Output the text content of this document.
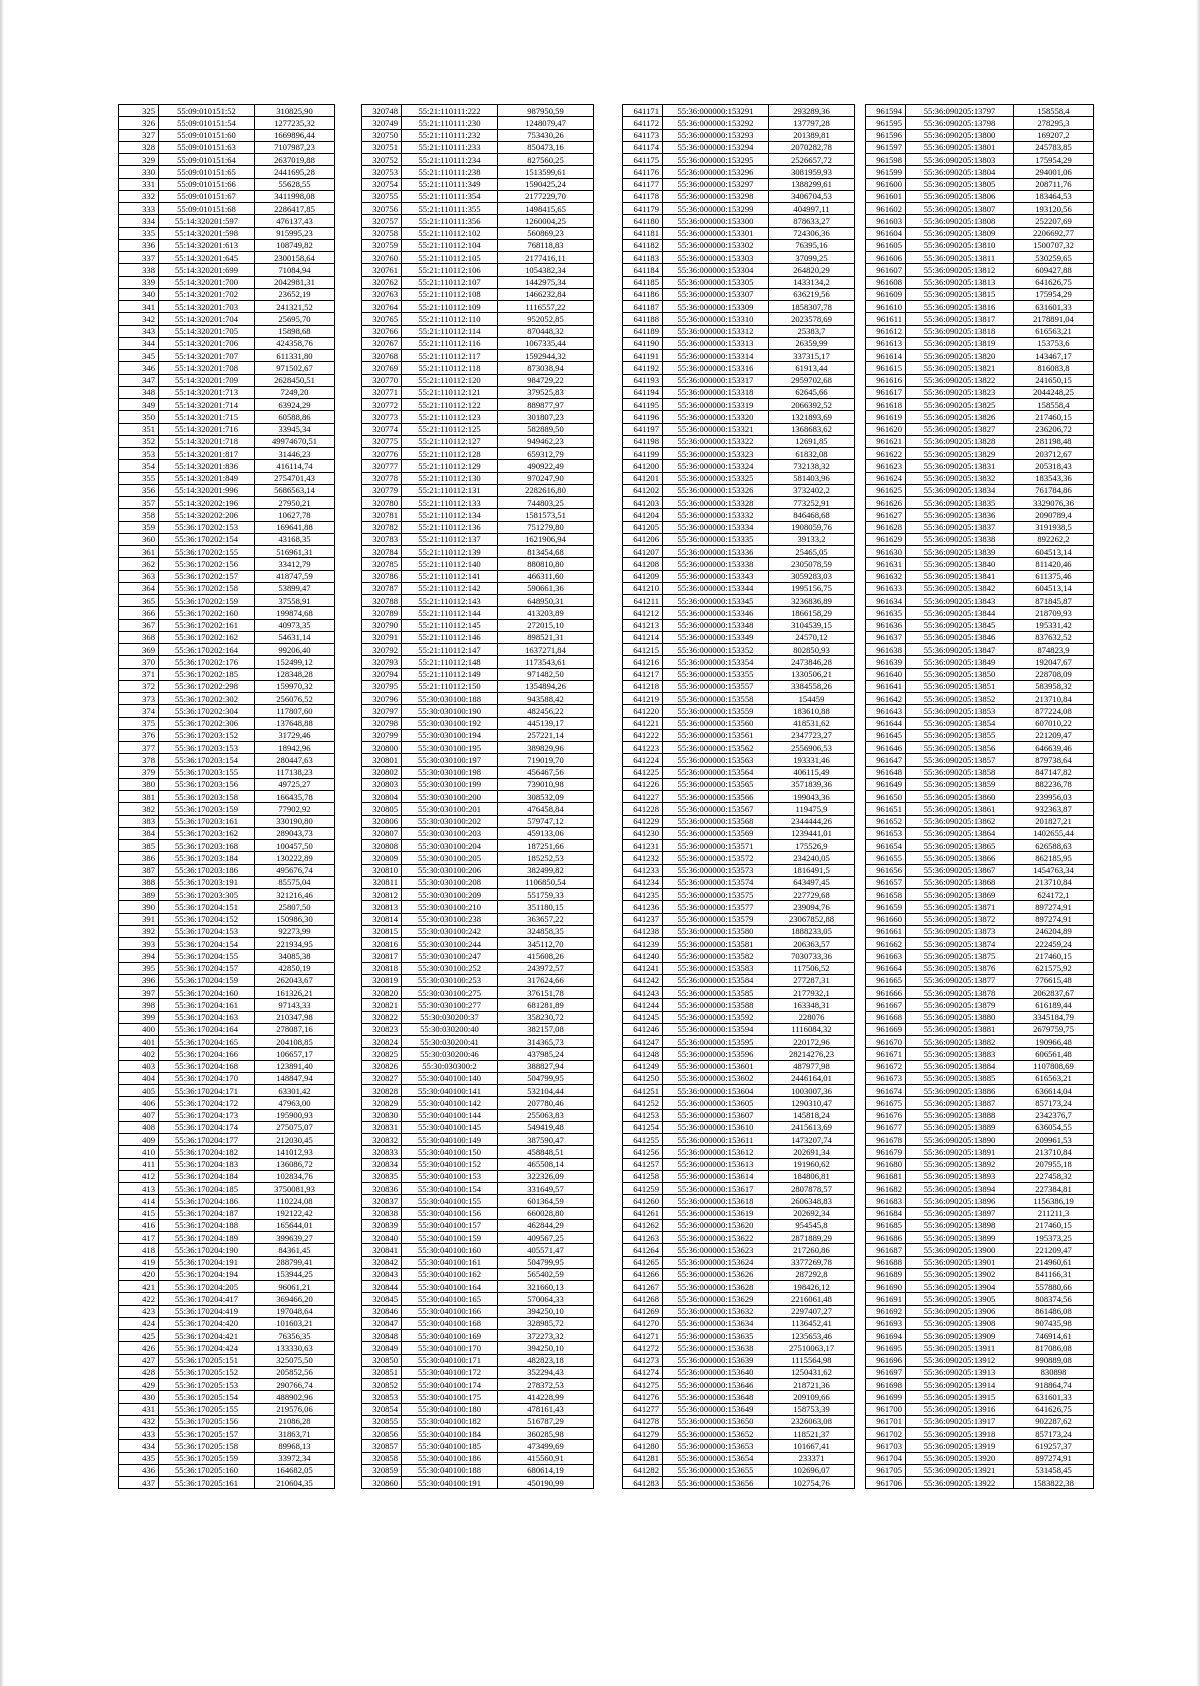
325	55:09:010151:52	310825,90
326	55:09:010151:54	1277235,32
327	55:09:010151:60	1669896,44
328	55:09:010151:63	7107987,23
329	55:09:010151:64	2637019,88
330	55:09:010151:65	2441695,28
331	55:09:010151:66	55628,55
332	55:09:010151:67	3411998,08
333	55:09:010151:68	2286417,85
334	55:14:320201:597	476137,43
335	55:14:320201:598	915995,23
336	55:14:320201:613	108749,82
337	55:14:320201:645	2300158,64
338	55:14:320201:699	71084,94
339	55:14:320201:700	2042981,31
340	55:14:320201:702	23652,19
341	55:14:320201:703	241321,52
342	55:14:320201:704	25695,70
343	55:14:320201:705	15898,68
344	55:14:320201:706	424358,76
345	55:14:320201:707	611331,80
346	55:14:320201:708	971502,67
347	55:14:320201:709	2628450,51
348	55:14:320201:713	7249,20
349	55:14:320201:714	63924,29
350	55:14:320201:715	60588,86
351	55:14:320201:716	33945,34
352	55:14:320201:718	49974670,51
353	55:14:320201:817	31446,23
354	55:14:320201:836	416114,74
355	55:14:320201:849	2754701,43
356	55:14:320201:996	5686563,14
357	55:14:320202:196	27950,21
358	55:14:320202:206	10627,78
359	55:36:170202:153	169641,88
360	55:36:170202:154	43168,35
361	55:36:170202:155	516961,31
362	55:36:170202:156	33412,79
363	55:36:170202:157	418747,59
364	55:36:170202:158	53899,47
365	55:36:170202:159	37558,91
366	55:36:170202:160	199874,68
367	55:36:170202:161	40973,35
368	55:36:170202:162	54631,14
369	55:36:170202:164	99206,40
370	55:36:170202:176	152499,12
371	55:36:170202:185	128348,28
372	55:36:170202:298	159970,32
373	55:36:170202:302	256076,52
374	55:36:170202:304	117807,60
375	55:36:170202:306	137648,88
376	55:36:170203:152	31729,46
377	55:36:170203:153	18942,96
378	55:36:170203:154	280447,63
379	55:36:170203:155	117138,23
380	55:36:170203:156	49725,27
381	55:36:170203:158	166435,78
382	55:36:170203:159	77902,92
383	55:36:170203:161	330190,80
384	55:36:170203:162	289043,73
385	55:36:170203:168	100457,50
386	55:36:170203:184	130222,89
387	55:36:170203:186	495676,74
388	55:36:170203:191	85575,04
389	55:36:170203:305	321216,46
390	55:36:170204:151	25807,50
391	55:36:170204:152	150986,30
392	55:36:170204:153	92273,99
393	55:36:170204:154	221934,95
394	55:36:170204:155	34085,38
395	55:36:170204:157	42850,19
396	55:36:170204:159	262043,67
397	55:36:170204:160	161326,21
398	55:36:170204:161	97143,33
399	55:36:170204:163	210347,98
400	55:36:170204:164	278087,16
401	55:36:170204:165	204108,85
402	55:36:170204:166	106657,17
403	55:36:170204:168	123891,40
404	55:36:170204:170	148847,94
405	55:36:170204:171	63301,42
406	55:36:170204:172	47963,00
407	55:36:170204:173	195900,93
408	55:36:170204:174	275075,07
409	55:36:170204:177	212030,45
410	55:36:170204:182	141012,93
411	55:36:170204:183	136086,72
412	55:36:170204:184	102834,76
413	55:36:170204:185	3750081,93
414	55:36:170204:186	110224,08
415	55:36:170204:187	192122,42
416	55:36:170204:188	165644,01
417	55:36:170204:189	399639,27
418	55:36:170204:190	84361,45
419	55:36:170204:191	288799,41
420	55:36:170204:194	153944,25
421	55:36:170204:205	96061,21
422	55:36:170204:417	369466,20
423	55:36:170204:419	197048,64
424	55:36:170204:420	101603,21
425	55:36:170204:421	76356,35
426	55:36:170204:424	133330,63
427	55:36:170205:151	325075,50
428	55:36:170205:152	205852,56
429	55:36:170205:153	290766,74
430	55:36:170205:154	488902,96
431	55:36:170205:155	219576,06
432	55:36:170205:156	21086,28
433	55:36:170205:157	31863,71
434	55:36:170205:158	89968,13
435	55:36:170205:159	33972,34
436	55:36:170205:160	164682,05
437	55:36:170205:161	210604,35
320748	55:21:110111:222	987950,59
320749	55:21:110111:230	1248079,47
320750	55:21:110111:232	753430,26
320751	55:21:110111:233	850473,16
320752	55:21:110111:234	827560,25
320753	55:21:110111:238	1513599,61
320754	55:21:110111:349	1590425,24
320755	55:21:110111:354	2177229,70
320756	55:21:110111:355	1498415,65
320757	55:21:110111:356	1260004,25
320758	55:21:110112:102	560869,23
320759	55:21:110112:104	768118,83
320760	55:21:110112:105	2177416,11
320761	55:21:110112:106	1054382,34
320762	55:21:110112:107	1442975,34
320763	55:21:110112:108	1466232,84
320764	55:21:110112:109	1116557,22
320765	55:21:110112:110	952052,85
320766	55:21:110112:114	870448,32
320767	55:21:110112:116	1067335,44
320768	55:21:110112:117	1592944,32
320769	55:21:110112:118	873038,94
320770	55:21:110112:120	984729,22
320771	55:21:110112:121	379525,83
320772	55:21:110112:122	889877,97
320773	55:21:110112:123	301807,23
320774	55:21:110112:125	582889,50
320775	55:21:110112:127	949462,23
320776	55:21:110112:128	659312,79
320777	55:21:110112:129	490922,49
320778	55:21:110112:130	970247,90
320779	55:21:110112:131	2282616,80
320780	55:21:110112:133	744803,25
320781	55:21:110112:134	1581573,51
320782	55:21:110112:136	751279,80
320783	55:21:110112:137	1621906,94
320784	55:21:110112:139	813454,68
320785	55:21:110112:140	880810,80
320786	55:21:110112:141	466311,60
320787	55:21:110112:142	590661,36
320788	55:21:110112:143	648950,31
320789	55:21:110112:144	413203,89
320790	55:21:110112:145	272015,10
320791	55:21:110112:146	898521,31
320792	55:21:110112:147	1637271,84
320793	55:21:110112:148	1173543,61
320794	55:21:110112:149	971482,50
320795	55:21:110112:150	1354894,26
320796	55:30:030100:188	943588,42
320797	55:30:030100:190	482456,22
320798	55:30:030100:192	445139,17
320799	55:30:030100:194	257221,14
320800	55:30:030100:195	389829,96
320801	55:30:030100:197	719019,70
320802	55:30:030100:198	456467,56
320803	55:30:030100:199	739010,98
320804	55:30:030100:200	308532,09
320805	55:30:030100:201	476458,84
320806	55:30:030100:202	579747,12
320807	55:30:030100:203	459133,06
320808	55:30:030100:204	187251,66
320809	55:30:030100:205	185252,53
320810	55:30:030100:206	382499,82
320811	55:30:030100:208	1106850,54
320812	55:30:030100:209	551759,33
320813	55:30:030100:210	351180,15
320814	55:30:030100:238	363657,22
320815	55:30:030100:242	324858,35
320816	55:30:030100:244	345112,70
320817	55:30:030100:247	415608,26
320818	55:30:030100:252	243972,57
320819	55:30:030100:253	317624,66
320820	55:30:030100:275	376151,78
320821	55:30:030100:277	681281,89
320822	55:30:030200:37	358230,72
320823	55:30:030200:40	382157,08
320824	55:30:030200:41	314365,73
320825	55:30:030200:46	437985,24
320826	55:30:030300:2	388827,94
320827	55:30:040100:140	504799,95
320828	55:30:040100:141	532104,44
320829	55:30:040100:142	207780,46
320830	55:30:040100:144	255063,83
320831	55:30:040100:145	549419,48
320832	55:30:040100:149	387590,47
320833	55:30:040100:150	458848,51
320834	55:30:040100:152	465508,14
320835	55:30:040100:153	322326,09
320836	55:30:040100:154	331649,57
320837	55:30:040100:155	601364,59
320838	55:30:040100:156	660028,80
320839	55:30:040100:157	462844,29
320840	55:30:040100:159	409567,25
320841	55:30:040100:160	405571,47
320842	55:30:040100:161	504799,95
320843	55:30:040100:162	565402,59
320844	55:30:040100:164	321660,13
320845	55:30:040100:165	570064,33
320846	55:30:040100:166	394250,10
320847	55:30:040100:168	328985,72
320848	55:30:040100:169	372273,32
320849	55:30:040100:170	394250,10
320850	55:30:040100:171	482823,18
320851	55:30:040100:172	352294,43
320852	55:30:040100:174	278372,53
320853	55:30:040100:175	414228,99
320854	55:30:040100:180	478161,43
320855	55:30:040100:182	516787,29
320856	55:30:040100:184	360285,98
320857	55:30:040100:185	473499,69
320858	55:30:040100:186	415560,91
320859	55:30:040100:188	680614,19
320860	55:30:040100:191	450190,99
641171	55:36:000000:153291	293289,36
641172	55:36:000000:153292	137797,28
641173	55:36:000000:153293	201389,81
641174	55:36:000000:153294	2070282,78
641175	55:36:000000:153295	2526657,72
641176	55:36:000000:153296	3081959,93
641177	55:36:000000:153297	1388299,61
641178	55:36:000000:153298	3406704,53
641179	55:36:000000:153299	404997,11
641180	55:36:000000:153300	878633,27
641181	55:36:000000:153301	724306,36
641182	55:36:000000:153302	76395,16
641183	55:36:000000:153303	37099,25
641184	55:36:000000:153304	264820,29
641185	55:36:000000:153305	1433134,2
641186	55:36:000000:153307	636219,56
641187	55:36:000000:153309	1858307,78
641188	55:36:000000:153310	2023578,69
641189	55:36:000000:153312	25383,7
641190	55:36:000000:153313	26359,99
641191	55:36:000000:153314	337315,17
641192	55:36:000000:153316	61913,44
641193	55:36:000000:153317	2959702,68
641194	55:36:000000:153318	62645,66
641195	55:36:000000:153319	2066392,52
641196	55:36:000000:153320	1321893,69
641197	55:36:000000:153321	1368683,62
641198	55:36:000000:153322	12691,85
641199	55:36:000000:153323	61832,08
641200	55:36:000000:153324	732138,32
641201	55:36:000000:153325	581403,96
641202	55:36:000000:153326	3732402,2
641203	55:36:000000:153328	773252,91
641204	55:36:000000:153332	846468,68
641205	55:36:000000:153334	1908059,76
641206	55:36:000000:153335	39133,2
641207	55:36:000000:153336	25465,05
641208	55:36:000000:153338	2305078,59
641209	55:36:000000:153343	3059283,03
641210	55:36:000000:153344	1995156,75
641211	55:36:000000:153345	3236836,89
641212	55:36:000000:153346	1866158,29
641213	55:36:000000:153348	3104539,15
641214	55:36:000000:153349	24570,12
641215	55:36:000000:153352	802850,93
641216	55:36:000000:153354	2473846,28
641217	55:36:000000:153355	1330506,21
641218	55:36:000000:153557	3384558,26
641219	55:36:000000:153558	154459
641220	55:36:000000:153559	183610,88
641221	55:36:000000:153560	418531,62
641222	55:36:000000:153561	2347723,27
641223	55:36:000000:153562	2556906,53
641224	55:36:000000:153563	193331,46
641225	55:36:000000:153564	406115,49
641226	55:36:000000:153565	3571839,36
641227	55:36:000000:153566	199043,36
641228	55:36:000000:153567	119475,9
641229	55:36:000000:153568	2344444,26
641230	55:36:000000:153569	1239441,01
641231	55:36:000000:153571	175526,9
641232	55:36:000000:153572	234240,05
641233	55:36:000000:153573	1816491,5
641234	55:36:000000:153574	643497,45
641235	55:36:000000:153575	227729,68
641236	55:36:000000:153577	239094,76
641237	55:36:000000:153579	23067852,88
641238	55:36:000000:153580	1888233,05
641239	55:36:000000:153581	206363,57
641240	55:36:000000:153582	7030733,36
641241	55:36:000000:153583	117506,52
641242	55:36:000000:153584	277287,31
641243	55:36:000000:153585	2177932,1
641244	55:36:000000:153588	163348,31
641245	55:36:000000:153592	228076
641246	55:36:000000:153594	1116084,32
641247	55:36:000000:153595	220172,96
641248	55:36:000000:153596	28214276,23
641249	55:36:000000:153601	487977,98
641250	55:36:000000:153602	2446164,01
641251	55:36:000000:153604	1003007,36
641252	55:36:000000:153605	1290310,47
641253	55:36:000000:153607	145818,24
641254	55:36:000000:153610	2415613,69
641255	55:36:000000:153611	1473207,74
641256	55:36:000000:153612	202691,34
641257	55:36:000000:153613	191960,62
641258	55:36:000000:153614	184806,81
641259	55:36:000000:153617	2807878,57
641260	55:36:000000:153618	2606348,83
641261	55:36:000000:153619	202692,34
641262	55:36:000000:153620	954545,8
641263	55:36:000000:153622	2871889,29
641264	55:36:000000:153623	217260,86
641265	55:36:000000:153624	3377269,78
641266	55:36:000000:153626	287292,8
641267	55:36:000000:153628	198426,12
641268	55:36:000000:153629	2216061,48
641269	55:36:000000:153632	2297407,27
641270	55:36:000000:153634	1136452,41
641271	55:36:000000:153635	1235653,46
641272	55:36:000000:153638	27510063,17
641273	55:36:000000:153639	1115564,98
641274	55:36:000000:153640	1250431,62
641275	55:36:000000:153646	218721,36
641276	55:36:000000:153648	209109,66
641277	55:36:000000:153649	158753,39
641278	55:36:000000:153650	2326063,08
641279	55:36:000000:153652	118521,37
641280	55:36:000000:153653	101667,41
641281	55:36:000000:153654	233371
641282	55:36:000000:153655	102696,07
641283	55:36:000000:153656	102754,76
961594	55:36:090205:13797	158558,4
961595	55:36:090205:13798	278295,3
961596	55:36:090205:13800	169207,2
961597	55:36:090205:13801	245783,85
961598	55:36:090205:13803	175954,29
961599	55:36:090205:13804	294001,06
961600	55:36:090205:13805	208711,76
961601	55:36:090205:13806	183464,53
961602	55:36:090205:13807	193120,56
961603	55:36:090205:13808	252207,69
961604	55:36:090205:13809	2206692,77
961605	55:36:090205:13810	1500707,32
961606	55:36:090205:13811	530259,65
961607	55:36:090205:13812	609427,88
961608	55:36:090205:13813	641626,75
961609	55:36:090205:13815	175954,29
961610	55:36:090205:13816	631601,33
961611	55:36:090205:13817	2178891,04
961612	55:36:090205:13818	616563,21
961613	55:36:090205:13819	153753,6
961614	55:36:090205:13820	143467,17
961615	55:36:090205:13821	816083,8
961616	55:36:090205:13822	241650,15
961617	55:36:090205:13823	2044248,25
961618	55:36:090205:13825	158558,4
961619	55:36:090205:13826	217460,15
961620	55:36:090205:13827	236206,72
961621	55:36:090205:13828	281198,48
961622	55:36:090205:13829	203712,67
961623	55:36:090205:13831	205318,43
961624	55:36:090205:13832	183543,36
961625	55:36:090205:13834	761784,86
961626	55:36:090205:13835	3329076,36
961627	55:36:090205:13836	2090789,4
961628	55:36:090205:13837	3191938,5
961629	55:36:090205:13838	892262,2
961630	55:36:090205:13839	604513,14
961631	55:36:090205:13840	811420,46
961632	55:36:090205:13841	611375,46
961633	55:36:090205:13842	604513,14
961634	55:36:090205:13843	871845,87
961635	55:36:090205:13844	218709,93
961636	55:36:090205:13845	195331,42
961637	55:36:090205:13846	837632,52
961638	55:36:090205:13847	874823,9
961639	55:36:090205:13849	192047,67
961640	55:36:090205:13850	228708,09
961641	55:36:090205:13851	583958,32
961642	55:36:090205:13852	213710,84
961643	55:36:090205:13853	877224,08
961644	55:36:090205:13854	607010,22
961645	55:36:090205:13855	221209,47
961646	55:36:090205:13856	646639,46
961647	55:36:090205:13857	879738,64
961648	55:36:090205:13858	847147,82
961649	55:36:090205:13859	882236,78
961650	55:36:090205:13860	239956,03
961651	55:36:090205:13861	932363,87
961652	55:36:090205:13862	201827,21
961653	55:36:090205:13864	1402655,44
961654	55:36:090205:13865	626588,63
961655	55:36:090205:13866	862185,95
961656	55:36:090205:13867	1454763,34
961657	55:36:090205:13868	213710,84
961658	55:36:090205:13869	624172,1
961659	55:36:090205:13871	897274,91
961660	55:36:090205:13872	897274,91
961661	55:36:090205:13873	246204,89
961662	55:36:090205:13874	222459,24
961663	55:36:090205:13875	217460,15
961664	55:36:090205:13876	621575,92
961665	55:36:090205:13877	776615,48
961666	55:36:090205:13878	2062837,67
961667	55:36:090205:13879	616189,44
961668	55:36:090205:13880	3345184,79
961669	55:36:090205:13881	2679759,75
961670	55:36:090205:13882	190966,48
961671	55:36:090205:13883	606561,48
961672	55:36:090205:13884	1107808,69
961673	55:36:090205:13885	616563,21
961674	55:36:090205:13886	636614,04
961675	55:36:090205:13887	857173,24
961676	55:36:090205:13888	2342376,7
961677	55:36:090205:13889	636054,55
961678	55:36:090205:13890	209961,53
961679	55:36:090205:13891	213710,84
961680	55:36:090205:13892	207955,18
961681	55:36:090205:13893	227458,32
961682	55:36:090205:13894	227384,81
961683	55:36:090205:13896	1156386,19
961684	55:36:090205:13897	211211,3
961685	55:36:090205:13898	217460,15
961686	55:36:090205:13899	195373,25
961687	55:36:090205:13900	221209,47
961688	55:36:090205:13901	214960,61
961689	55:36:090205:13902	841166,31
961690	55:36:090205:13904	557880,66
961691	55:36:090205:13905	808374,56
961692	55:36:090205:13906	861486,08
961693	55:36:090205:13908	907435,98
961694	55:36:090205:13909	746914,61
961695	55:36:090205:13911	817086,08
961696	55:36:090205:13912	990889,08
961697	55:36:090205:13913	830898
961698	55:36:090205:13914	918864,74
961699	55:36:090205:13915	631601,33
961700	55:36:090205:13916	641626,75
961701	55:36:090205:13917	902287,62
961702	55:36:090205:13918	857173,24
961703	55:36:090205:13919	619257,37
961704	55:36:090205:13920	897274,91
961705	55:36:090205:13921	531458,45
961706	55:36:090205:13922	1583822,38
